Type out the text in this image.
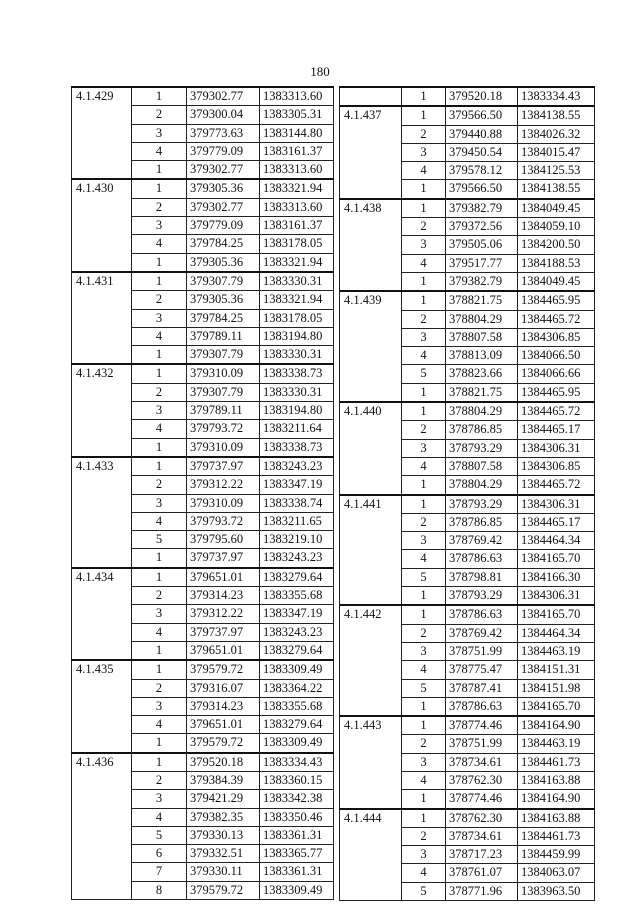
180
4.1.429	1	379302.77	1383313.60
	2	379300.04	1383305.31
	3	379773.63	1383144.80
	4	379779.09	1383161.37
	1	379302.77	1383313.60
4.1.430	1	379305.36	1383321.94
	2	379302.77	1383313.60
	3	379779.09	1383161.37
	4	379784.25	1383178.05
	1	379305.36	1383321.94
4.1.431	1	379307.79	1383330.31
	2	379305.36	1383321.94
	3	379784.25	1383178.05
	4	379789.11	1383194.80
	1	379307.79	1383330.31
4.1.432	1	379310.09	1383338.73
	2	379307.79	1383330.31
	3	379789.11	1383194.80
	4	379793.72	1383211.64
	1	379310.09	1383338.73
4.1.433	1	379737.97	1383243.23
	2	379312.22	1383347.19
	3	379310.09	1383338.74
	4	379793.72	1383211.65
	5	379795.60	1383219.10
	1	379737.97	1383243.23
4.1.434	1	379651.01	1383279.64
	2	379314.23	1383355.68
	3	379312.22	1383347.19
	4	379737.97	1383243.23
	1	379651.01	1383279.64
4.1.435	1	379579.72	1383309.49
	2	379316.07	1383364.22
	3	379314.23	1383355.68
	4	379651.01	1383279.64
	1	379579.72	1383309.49
4.1.436	1	379520.18	1383334.43
	2	379384.39	1383360.15
	3	379421.29	1383342.38
	4	379382.35	1383350.46
	5	379330.13	1383361.31
	6	379332.51	1383365.77
	7	379330.11	1383361.31
	8	379579.72	1383309.49
	1	379520.18	1383334.43
4.1.437	1	379566.50	1384138.55
	2	379440.88	1384026.32
	3	379450.54	1384015.47
	4	379578.12	1384125.53
	1	379566.50	1384138.55
4.1.438	1	379382.79	1384049.45
	2	379372.56	1384059.10
	3	379505.06	1384200.50
	4	379517.77	1384188.53
	1	379382.79	1384049.45
4.1.439	1	378821.75	1384465.95
	2	378804.29	1384465.72
	3	378807.58	1384306.85
	4	378813.09	1384066.50
	5	378823.66	1384066.66
	1	378821.75	1384465.95
4.1.440	1	378804.29	1384465.72
	2	378786.85	1384465.17
	3	378793.29	1384306.31
	4	378807.58	1384306.85
	1	378804.29	1384465.72
4.1.441	1	378793.29	1384306.31
	2	378786.85	1384465.17
	3	378769.42	1384464.34
	4	378786.63	1384165.70
	5	378798.81	1384166.30
	1	378793.29	1384306.31
4.1.442	1	378786.63	1384165.70
	2	378769.42	1384464.34
	3	378751.99	1384463.19
	4	378775.47	1384151.31
	5	378787.41	1384151.98
	1	378786.63	1384165.70
4.1.443	1	378774.46	1384164.90
	2	378751.99	1384463.19
	3	378734.61	1384461.73
	4	378762.30	1384163.88
	1	378774.46	1384164.90
4.1.444	1	378762.30	1384163.88
	2	378734.61	1384461.73
	3	378717.23	1384459.99
	4	378761.07	1384063.07
	5	378771.96	1383963.50
